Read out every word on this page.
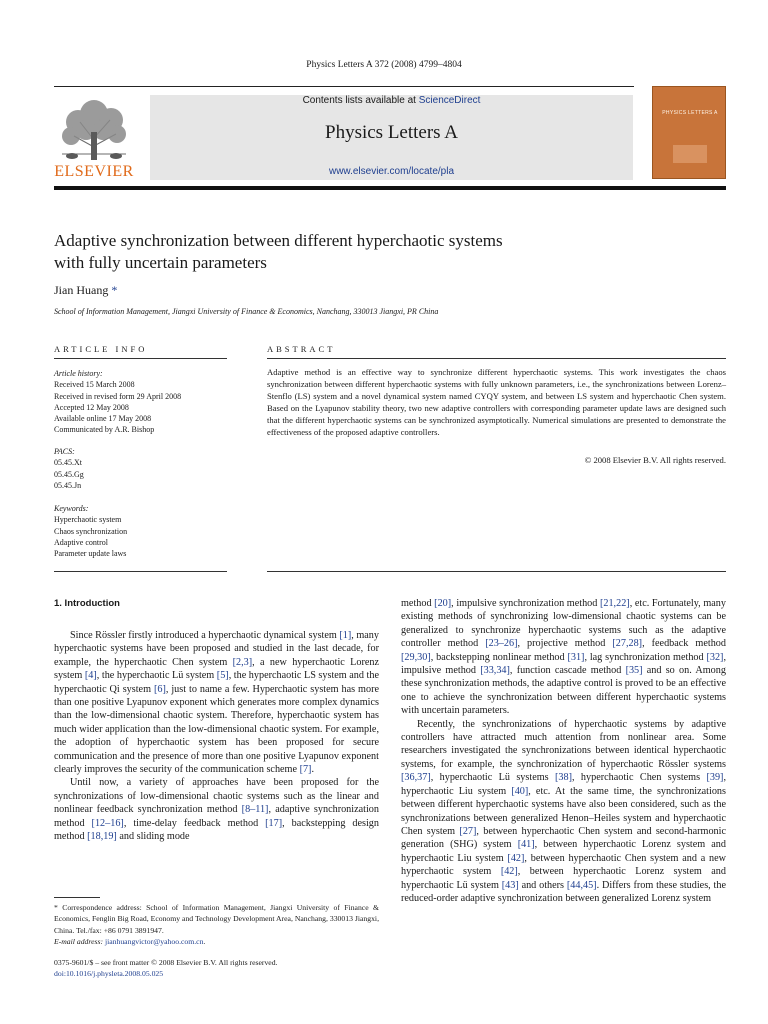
Physics Letters A 372 (2008) 4799–4804
ELSEVIER
Contents lists available at ScienceDirect
Physics Letters A
www.elsevier.com/locate/pla
PHYSICS LETTERS A
Adaptive synchronization between different hyperchaotic systems
with fully uncertain parameters
Jian Huang *
School of Information Management, Jiangxi University of Finance & Economics, Nanchang, 330013 Jiangxi, PR China
ARTICLE INFO	ABSTRACT
Article history:
Received 15 March 2008
Received in revised form 29 April 2008
Accepted 12 May 2008
Available online 17 May 2008
Communicated by A.R. Bishop
PACS:
05.45.Xt
05.45.Gg
05.45.Jn
Keywords:
Hyperchaotic system
Chaos synchronization
Adaptive control
Parameter update laws
Adaptive method is an effective way to synchronize different hyperchaotic systems. This work investigates the chaos synchronization between different hyperchaotic systems with fully unknown parameters, i.e., the synchronizations between Lorenz–Stenflo (LS) system and a novel dynamical system named CYQY system, and between LS system and hyperchaotic Chen system. Based on the Lyapunov stability theory, two new adaptive controllers with corresponding parameter update laws are designed such that the different hyperchaotic systems can be synchronized asymptotically. Numerical simulations are presented to demonstrate the effectiveness of the proposed adaptive controllers.
© 2008 Elsevier B.V. All rights reserved.
1. Introduction

Since Rössler firstly introduced a hyperchaotic dynamical system [1], many hyperchaotic systems have been proposed and studied in the last decade, for example, the hyperchaotic Chen system [2,3], a new hyperchaotic Lorenz system [4], the hyperchaotic Lü system [5], the hyperchaotic LS system and the hyperchaotic Qi system [6], just to name a few. Hyperchaotic system has more than one positive Lyapunov exponent which generates more complex dynamics than the low-dimensional chaotic system. Therefore, hyperchaotic system has much wider application than the low-dimensional chaotic system. For example, the adoption of hyperchaotic system has been proposed for secure communication and the presence of more than one positive Lyapunov exponent clearly improves the security of the communication scheme [7].

Until now, a variety of approaches have been proposed for the synchronizations of low-dimensional chaotic systems such as the linear and nonlinear feedback synchronization method [8–11], adaptive synchronization method [12–16], time-delay feedback method [17], backstepping design method [18,19] and sliding mode

method [20], impulsive synchronization method [21,22], etc. Fortunately, many existing methods of synchronizing low-dimensional chaotic systems can be generalized to synchronize hyperchaotic systems such as the adaptive controller method [23–26], projective method [27,28], feedback method [29,30], backstepping nonlinear method [31], lag synchronization method [32], impulsive method [33,34], function cascade method [35] and so on. Among these synchronization methods, the adaptive control is proved to be an effective one to achieve the synchronization between different hyperchaotic systems with uncertain parameters.

Recently, the synchronizations of hyperchaotic systems by adaptive controllers have attracted much attention from nonlinear area. Some researchers investigated the synchronizations between identical hyperchaotic systems, for example, the synchronization of hyperchaotic Rössler systems [36,37], hyperchaotic Lü systems [38], hyperchaotic Chen systems [39], hyperchaotic Liu system [40], etc. At the same time, the synchronizations between different hyperchaotic systems have also been considered, such as the synchronizations between generalized Henon–Heiles system and hyperchaotic Chen system [27], between hyperchaotic Chen system and second-harmonic generation (SHG) system [41], between hyperchaotic Lorenz system and hyperchaotic Liu system [42], between hyperchaotic Chen system and a new hyperchaotic system [42], between hyperchaotic Lorenz system and hyperchaotic Lü system [43] and others [44,45]. Differs from these studies, the reduced-order adaptive synchronization between generalized Lorenz system

* Correspondence address: School of Information Management, Jiangxi University of Finance & Economics, Fenglin Big Road, Economy and Technology Development Area, Nanchang, 330013 Jiangxi, China. Tel./fax: +86 0791 3891947.
E-mail address: jianhuangvictor@yahoo.com.cn.
0375-9601/$ – see front matter © 2008 Elsevier B.V. All rights reserved.
doi:10.1016/j.physleta.2008.05.025
